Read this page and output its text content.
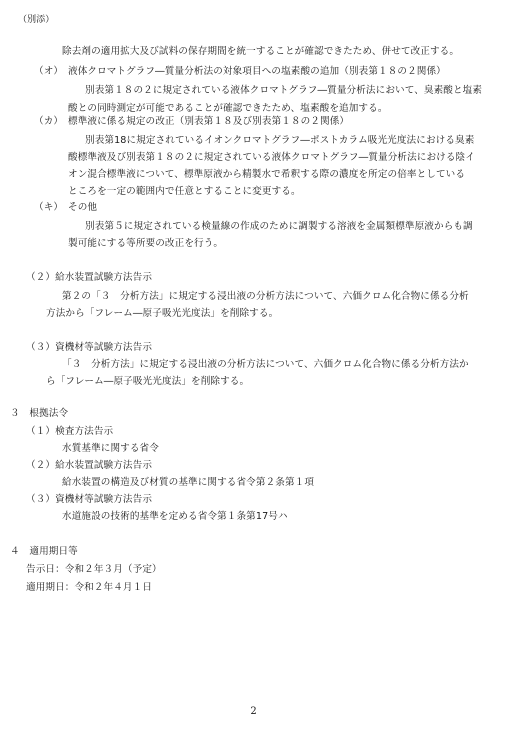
（別添）
除去剤の適用拡大及び試料の保存期間を統一することが確認できたため、併せて改正する。
（オ） 液体クロマトグラフ―質量分析法の対象項目への塩素酸の追加（別表第１８の２関係）
別表第１８の２に規定されている液体クロマトグラフ―質量分析法において、臭素酸と塩素
酸との同時測定が可能であることが確認できたため、塩素酸を追加する。
（カ） 標準液に係る規定の改正（別表第１８及び別表第１８の２関係）
別表第18に規定されているイオンクロマトグラフ―ポストカラム吸光光度法における臭素
酸標準液及び別表第１８の２に規定されている液体クロマトグラフ―質量分析法における陰イ
オン混合標準液について、標準原液から精製水で希釈する際の濃度を所定の倍率としている
ところを一定の範囲内で任意とすることに変更する。
（キ） その他
別表第５に規定されている検量線の作成のために調製する溶液を金属類標準原液からも調
製可能にする等所要の改正を行う。
（２）給水装置試験方法告示
第２の「３　分析方法」に規定する浸出液の分析方法について、六価クロム化合物に係る分析
方法から「フレーム―原子吸光光度法」を削除する。
（３）資機材等試験方法告示
「３　分析方法」に規定する浸出液の分析方法について、六価クロム化合物に係る分析方法か
ら「フレーム―原子吸光光度法」を削除する。
３　根拠法令
（１）検査方法告示
水質基準に関する省令
（２）給水装置試験方法告示
給水装置の構造及び材質の基準に関する省令第２条第１項
（３）資機材等試験方法告示
水道施設の技術的基準を定める省令第１条第17号ハ
４　適用期日等
告示日：令和２年３月（予定）
適用期日：令和２年４月１日
2
